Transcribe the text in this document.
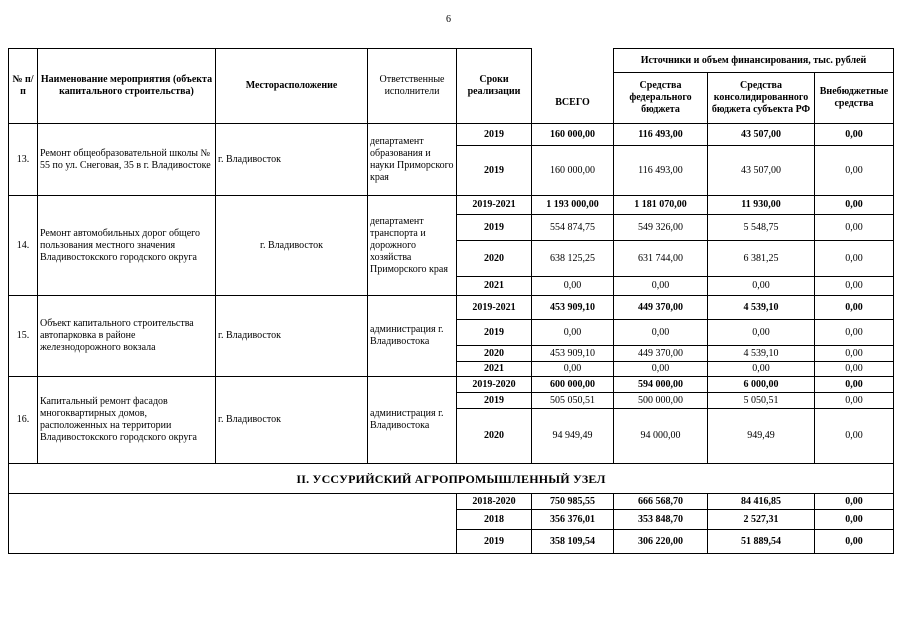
6
№ п/п	Наименование мероприятия (объекта капитального строительства)	Месторасположение	Ответственные исполнители	Сроки реализации	ВСЕГО	Источники и объем финансирования, тыс. рублей		
						Средства федерального бюджета	Средства консолидированного бюджета субъекта РФ	Внебюджетные средства
13.	Ремонт общеобразовательной школы № 55 по ул. Снеговая, 35 в г. Владивостоке	г. Владивосток	департамент образования и науки Приморского края	2019	160 000,00	116 493,00	43 507,00	0,00
				2019	160 000,00	116 493,00	43 507,00	0,00
14.	Ремонт автомобильных дорог общего пользования местного значения Владивостокского городского округа	г. Владивосток	департамент транспорта и дорожного хозяйства Приморского края	2019-2021	1 193 000,00	1 181 070,00	11 930,00	0,00
				2019	554 874,75	549 326,00	5 548,75	0,00
				2020	638 125,25	631 744,00	6 381,25	0,00
				2021	0,00	0,00	0,00	0,00
15.	Объект капитального строительства автопарковка в районе железнодорожного вокзала	г. Владивосток	администрация г. Владивостока	2019-2021	453 909,10	449 370,00	4 539,10	0,00
				2019	0,00	0,00	0,00	0,00
				2020	453 909,10	449 370,00	4 539,10	0,00
				2021	0,00	0,00	0,00	0,00
16.	Капитальный ремонт фасадов многоквартирных домов, расположенных на территории Владивостокского городского округа	г. Владивосток	администрация г. Владивостока	2019-2020	600 000,00	594 000,00	6 000,00	0,00
				2019	505 050,51	500 000,00	5 050,51	0,00
				2020	94 949,49	94 000,00	949,49	0,00
II. УССУРИЙСКИЙ АГРОПРОМЫШЛЕННЫЙ УЗЕЛ								
				2018-2020	750 985,55	666 568,70	84 416,85	0,00
				2018	356 376,01	353 848,70	2 527,31	0,00
				2019	358 109,54	306 220,00	51 889,54	0,00
